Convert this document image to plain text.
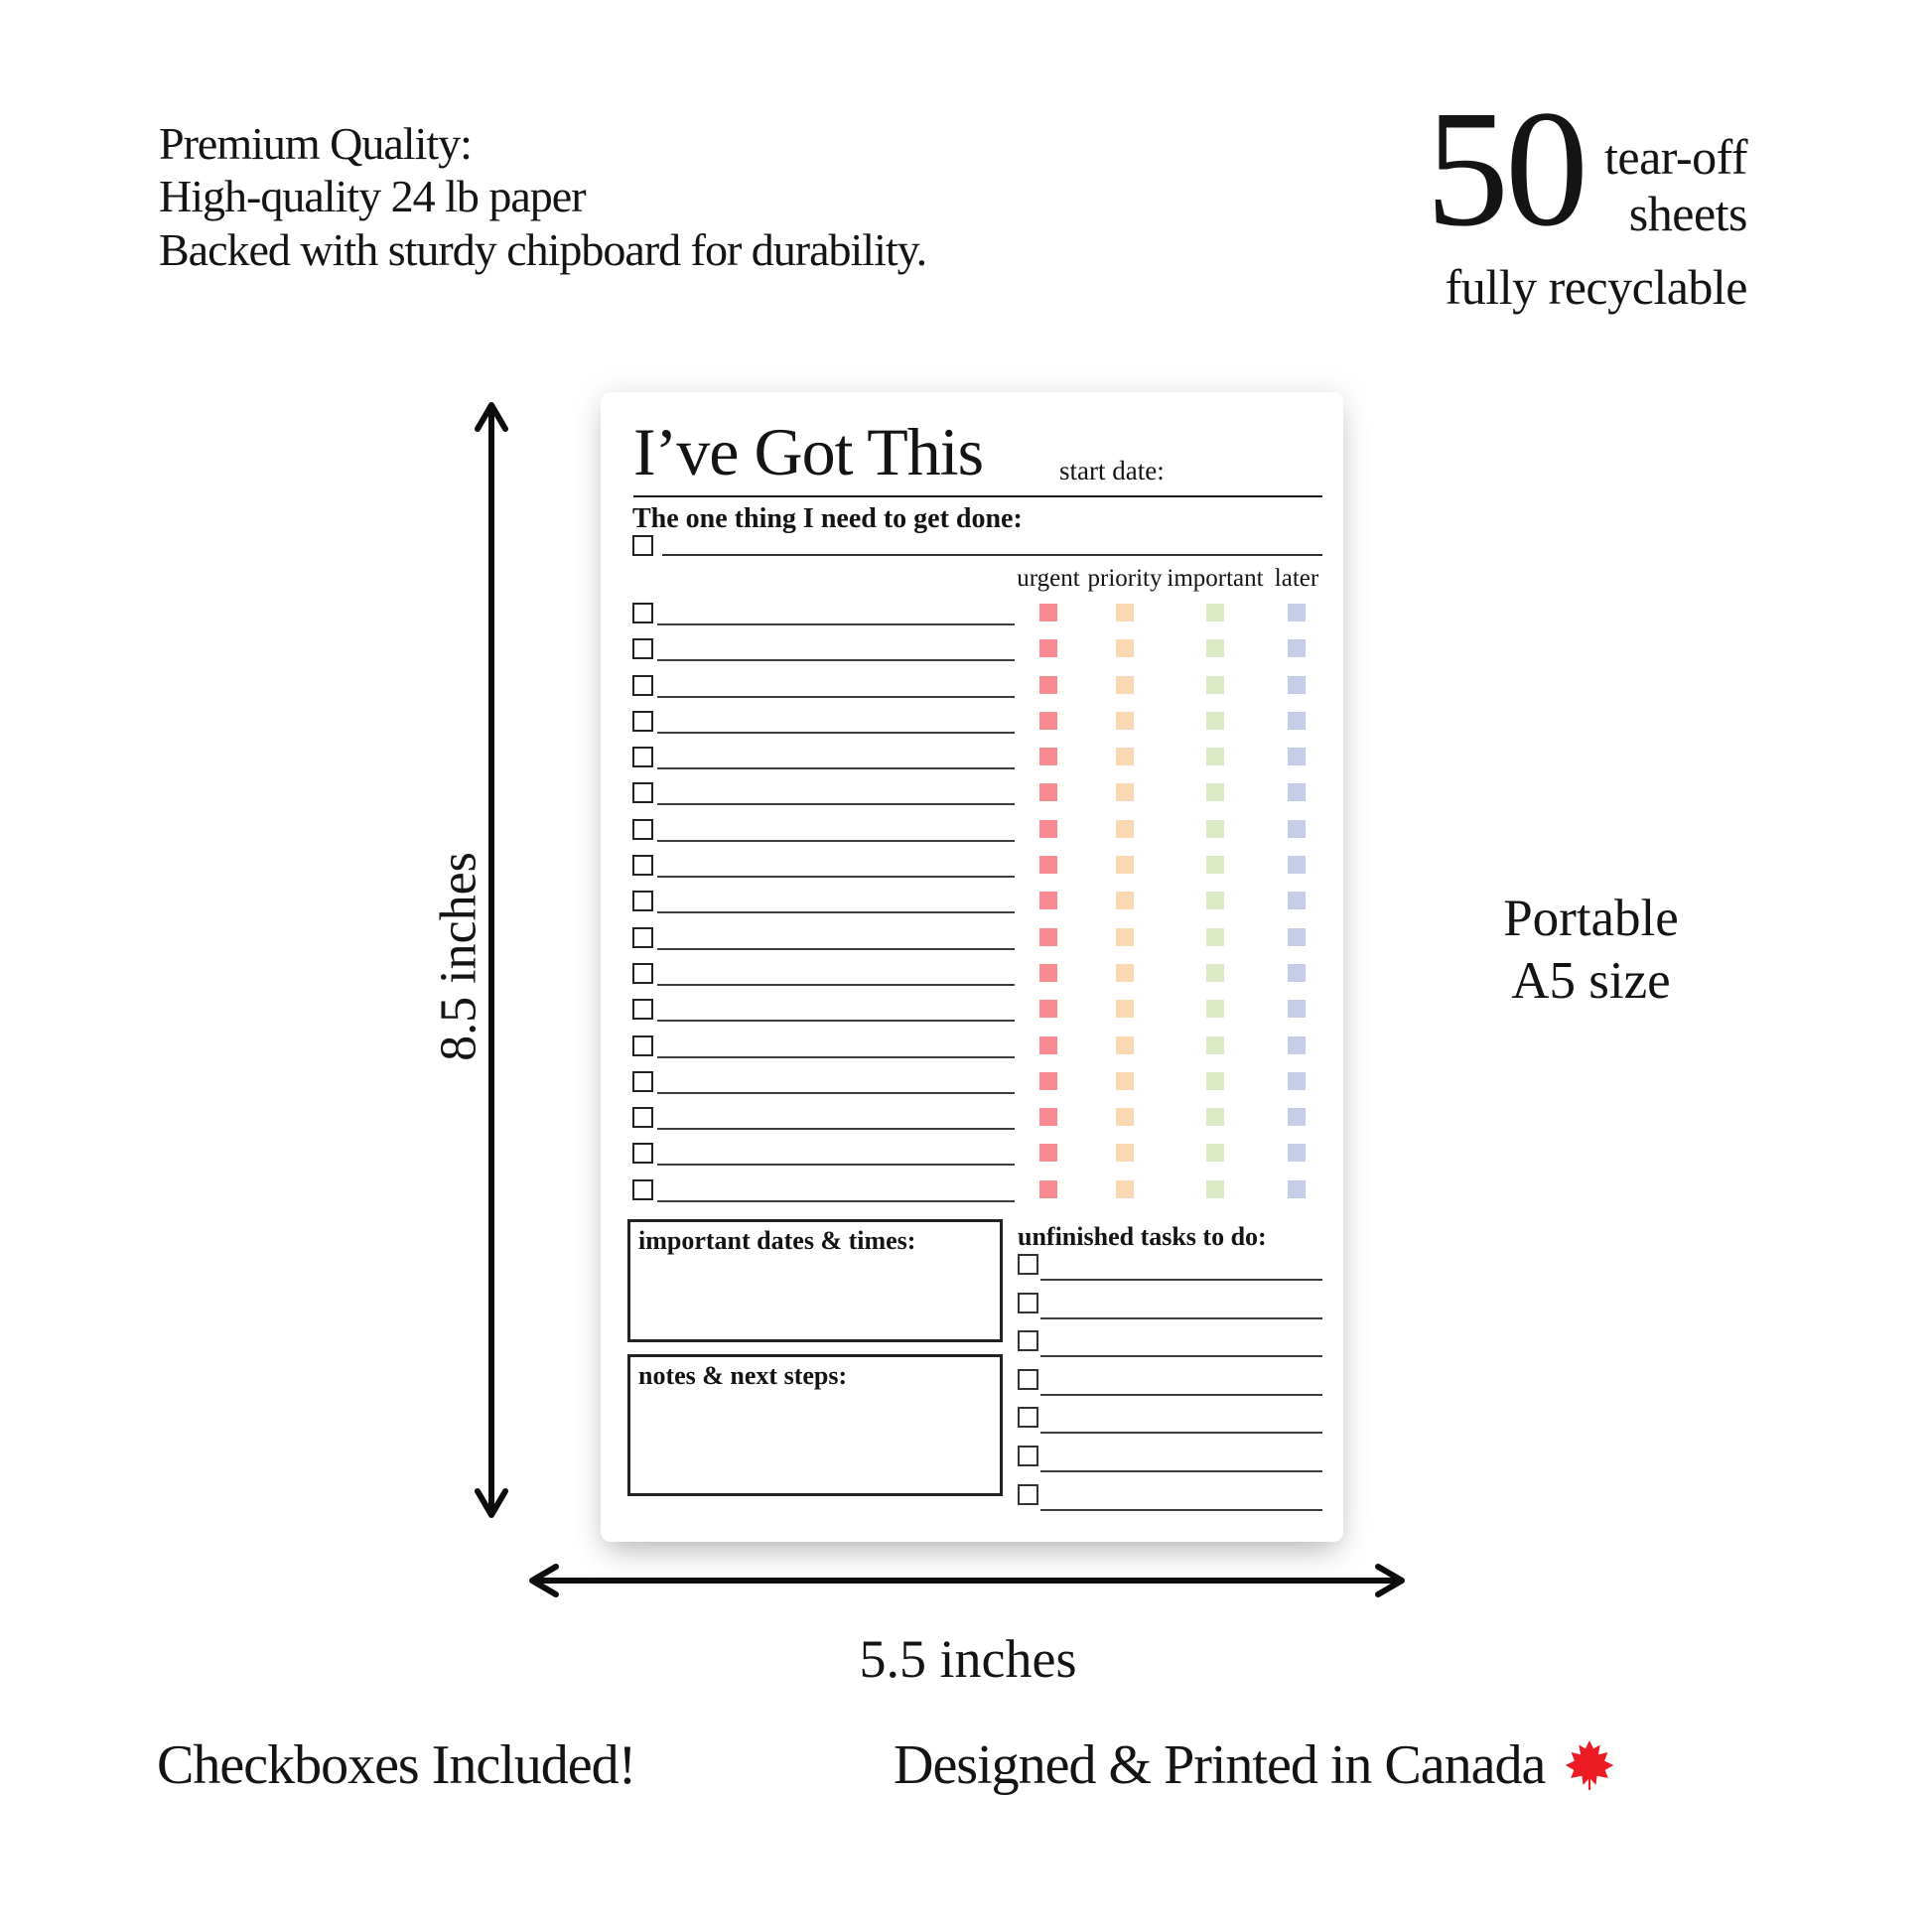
Premium Quality:
High-quality 24 lb paper
Backed with sturdy chipboard for durability.	50 tear-off
sheets
fully recyclable
8.5 inches
5.5 inches
Portable
A5 size
I’ve Got This	start date:
The one thing I need to get done:
urgent priority important later
important dates & times:
notes & next steps:
unfinished tasks to do:
Checkboxes Included!	Designed & Printed in Canada
